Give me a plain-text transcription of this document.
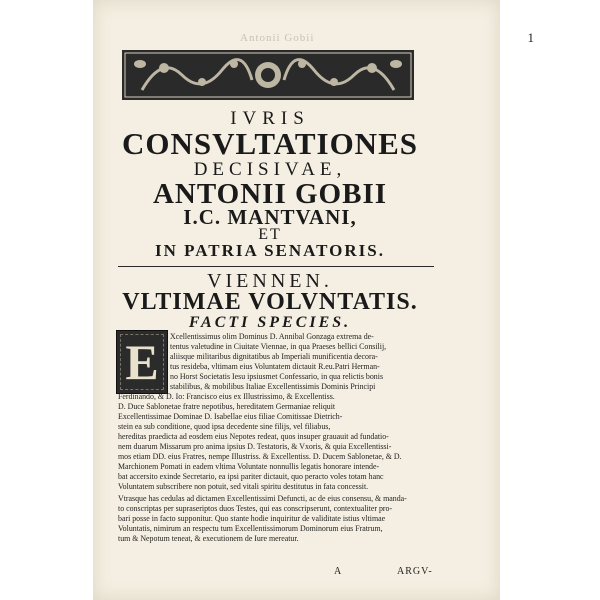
1
Antonii Gobii
IVRIS
CONSVLTATIONES
DECISIVAE,
ANTONII GOBII
I.C. MANTVANI,
ET
IN PATRIA SENATORIS.
VIENNEN.
VLTIMAE VOLVNTATIS.
FACTI SPECIES.
E	Xcellentissimus olim Dominus D. Annibal Gonzaga extrema de-
tentus valetudine in Ciuitate Viennae, in qua Praeses bellici Consilij,
aliisque militaribus dignitatibus ab Imperiali munificentia decora-
tus resideba, vltimam eius Voluntatem dictauit R.eu.Patri Herman-
no Horst Societatis Iesu ipsiusmet Confessario, in qua relictis bonis
stabilibus, & mobilibus Italiae Excellentissimis Dominis Principi
Ferdinando, & D. Io: Francisco eius ex Illustrissimo, & Excellentiss.
D. Duce Sablonetae fratre nepotibus, hereditatem Germaniae reliquit
Excellentissimae Dominae D. Isabellae eius filiae Comitissae Dietrich-
stein ea sub conditione, quod ipsa decedente sine filijs, vel filiabus,
hereditas praedicta ad eosdem eius Nepotes redeat, quos insuper grauauit ad fundatio-
nem duarum Missarum pro anima ipsius D. Testatoris, & Vxoris, & quia Excellentissi-
mos etiam DD. eius Fratres, nempe Illustriss. & Excellentiss. D. Ducem Sablonetae, & D.
Marchionem Pomati in eadem vltima Voluntate nonnullis legatis honorare intende-
bat accersito exinde Secretario, ea ipsi pariter dictauit, quo peracto voles totam hanc
Voluntatem subscribere non potuit, sed vitali spiritu destitutus in fata concessit.
Vtrasque has cedulas ad dictamen Excellentissimi Defuncti, ac de eius consensu, & manda-
to conscriptas per supraseriptos duos Testes, qui eas conscripserunt, contextualiter pro-
bari posse in facto supponitur. Quo stante hodie inquiritur de validitate istius vltimae
Voluntatis, nimirum an respectu tum Excellentissimorum Dominorum eius Fratrum,
tum & Nepotum teneat, & executionem de Iure mereatur.
A	ARGV-
